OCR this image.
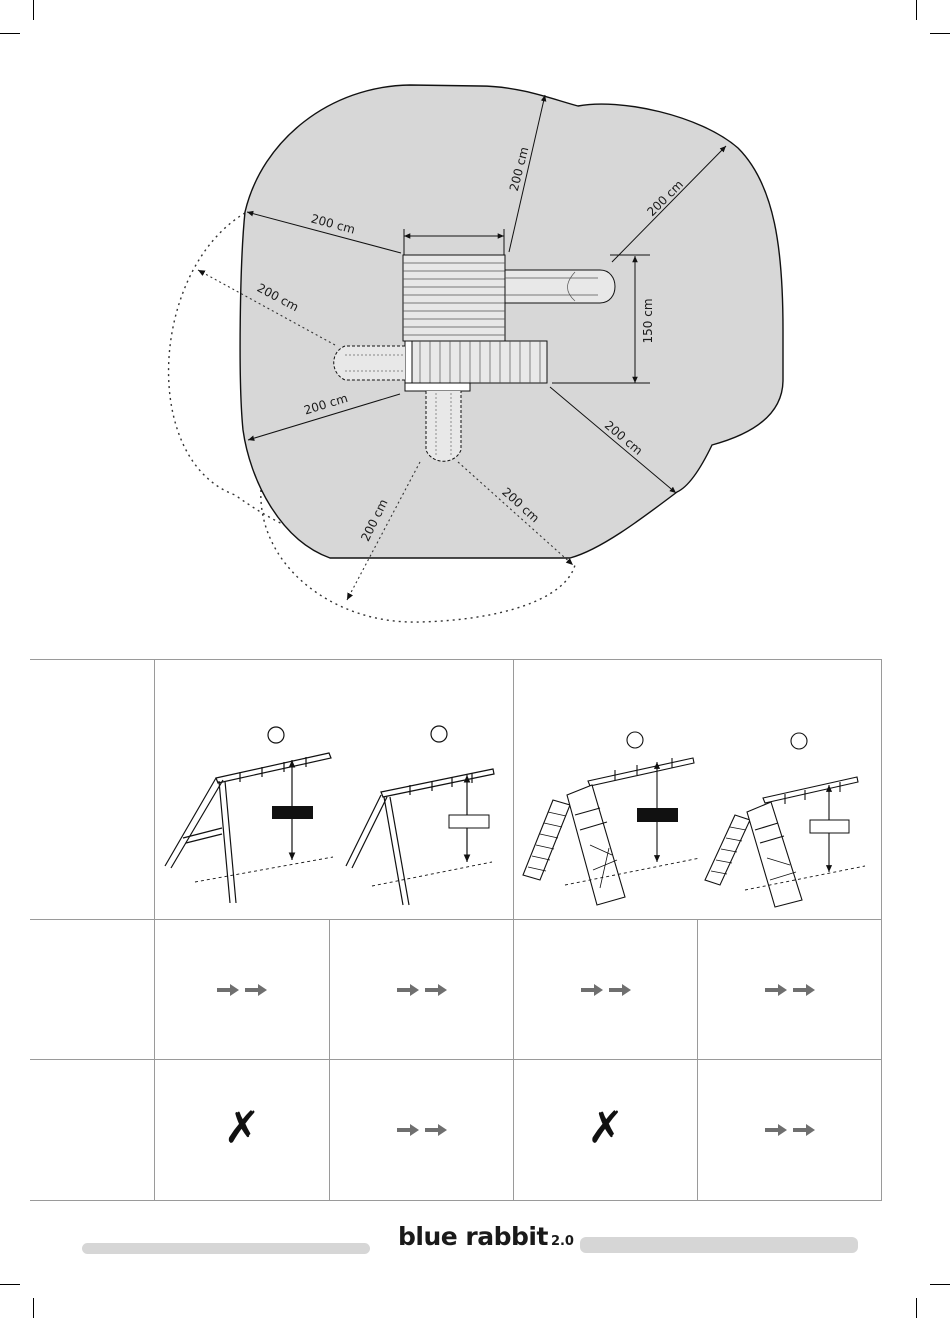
200 cm
200 cm
200 cm
200 cm
200 cm
150 cm
200 cm
200 cm
200 cm
✗	✗
blue rabbit 2.0
